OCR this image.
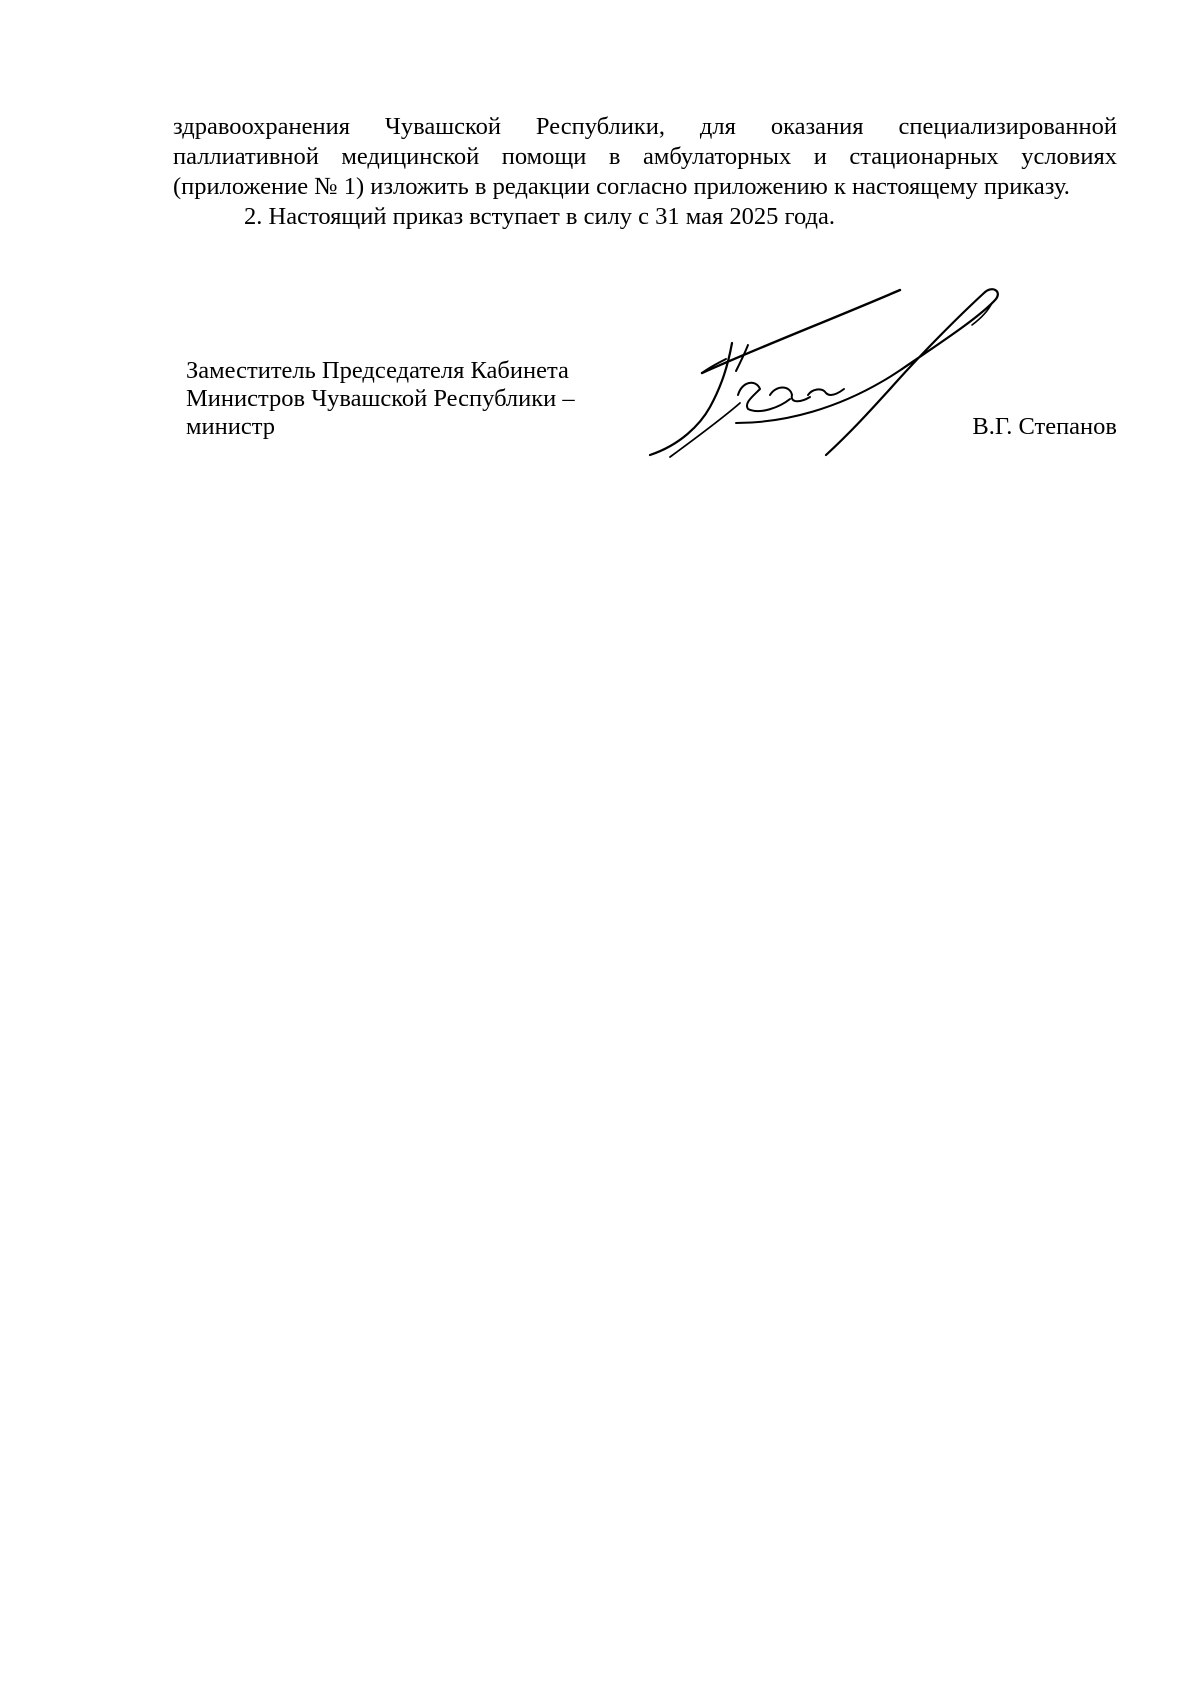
здравоохранения Чувашской Республики, для оказания специализированной паллиативной медицинской помощи в амбулаторных и стационарных условиях (приложение № 1) изложить в редакции согласно приложению к настоящему приказу.

2. Настоящий приказ вступает в силу с 31 мая 2025 года.

Заместитель Председателя Кабинета
Министров Чувашской Республики –
министр	В.Г. Степанов
